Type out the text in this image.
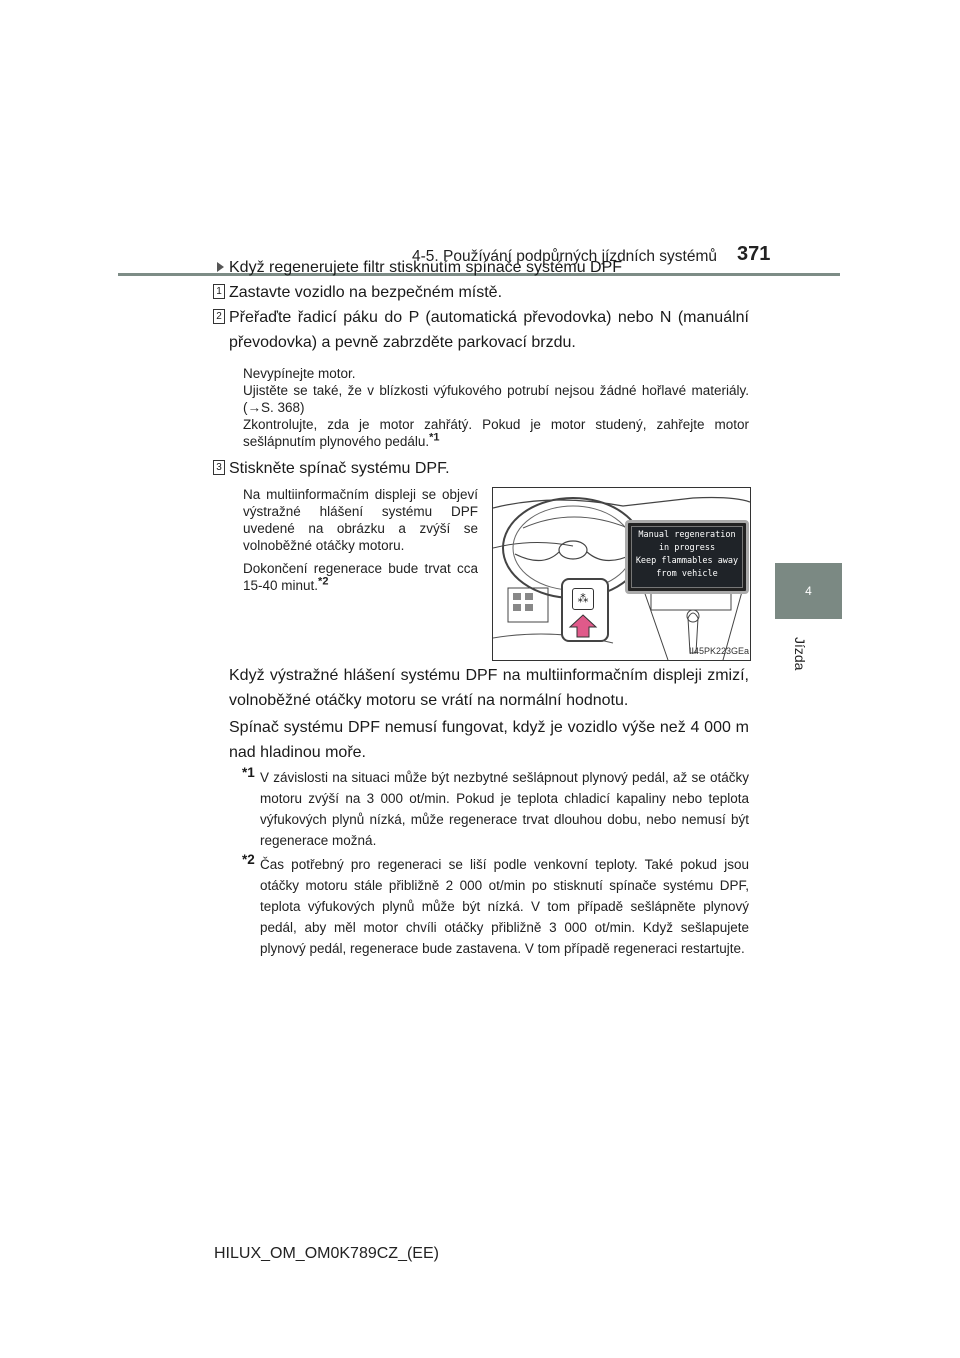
4-5. Používání podpůrných jízdních systémů 371
4
Jízda

Když regenerujete filtr stisknutím spínače systému DPF

1 Zastavte vozidlo na bezpečném místě.

2 Přeřaďte řadicí páku do P (automatická převodovka) nebo N (manuální převodovka) a pevně zabrzděte parkovací brzdu.

Nevypínejte motor.

Ujistěte se také, že v blízkosti výfukového potrubí nejsou žádné hořlavé materiály. (→S. 368)

Zkontrolujte, zda je motor zahřátý. Pokud je motor studený, zahřejte motor sešlápnutím plynového pedálu.$^{*1}$

3 Stiskněte spínač systému DPF.

Na multiinformačním displeji se objeví výstražné hlášení systému DPF uvedené na obrázku a zvýší se volnoběžné otáčky motoru.

Dokončení regenerace bude trvat cca 15-40 minut.$^{*2}$

Manual regeneration
in progress
Keep flammables away
from vehicle
⁂
II45PK223GEa

Když výstražné hlášení systému DPF na multiinformačním displeji zmizí, volnoběžné otáčky motoru se vrátí na normální hodnotu.

Spínač systému DPF nemusí fungovat, když je vozidlo výše než 4 000 m nad hladinou moře.

*1 V závislosti na situaci může být nezbytné sešlápnout plynový pedál, až se otáčky motoru zvýší na 3 000 ot/min. Pokud je teplota chladicí kapaliny nebo teplota výfukových plynů nízká, může regenerace trvat dlouhou dobu, nebo nemusí být regenerace možná.

*2 Čas potřebný pro regeneraci se liší podle venkovní teploty. Také pokud jsou otáčky motoru stále přibližně 2 000 ot/min po stisknutí spínače systému DPF, teplota výfukových plynů může být nízká. V tom případě sešlápněte plynový pedál, aby měl motor chvíli otáčky přibližně 3 000 ot/min. Když sešlapujete plynový pedál, regenerace bude zastavena. V tom případě regeneraci restartujte.

HILUX_OM_OM0K789CZ_(EE)
